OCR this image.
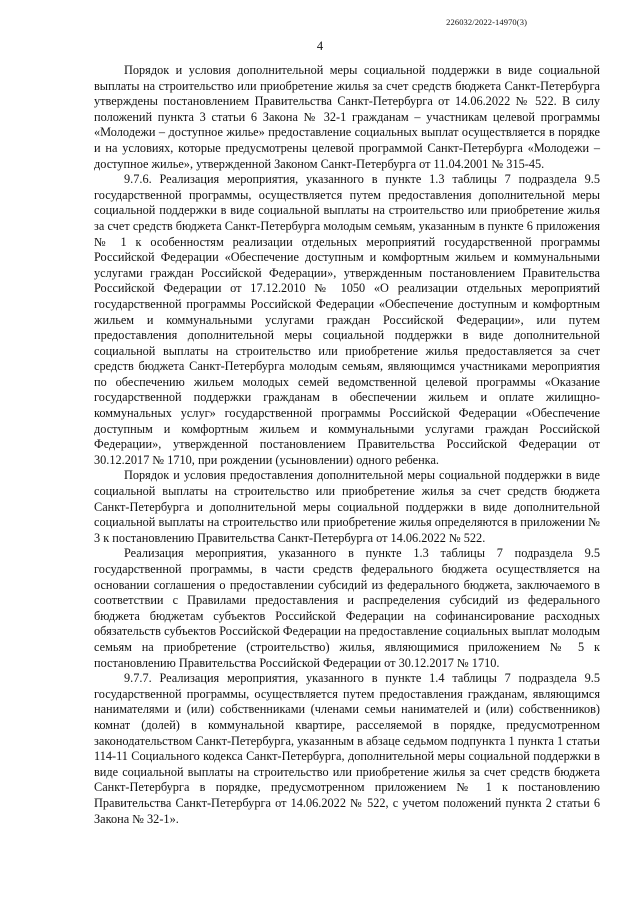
226032/2022-14970(3)
4

Порядок и условия дополнительной меры социальной поддержки в виде социальной выплаты на строительство или приобретение жилья за счет средств бюджета Санкт-Петербурга утверждены постановлением Правительства Санкт-Петербурга от 14.06.2022 № 522. В силу положений пункта 3 статьи 6 Закона № 32-1 гражданам – участникам целевой программы «Молодежи – доступное жилье» предоставление социальных выплат осуществляется в порядке и на условиях, которые предусмотрены целевой программой Санкт-Петербурга «Молодежи – доступное жилье», утвержденной Законом Санкт-Петербурга от 11.04.2001 № 315-45.

9.7.6. Реализация мероприятия, указанного в пункте 1.3 таблицы 7 подраздела 9.5 государственной программы, осуществляется путем предоставления дополнительной меры социальной поддержки в виде социальной выплаты на строительство или приобретение жилья за счет средств бюджета Санкт-Петербурга молодым семьям, указанным в пункте 6 приложения № 1 к особенностям реализации отдельных мероприятий государственной программы Российской Федерации «Обеспечение доступным и комфортным жильем и коммунальными услугами граждан Российской Федерации», утвержденным постановлением Правительства Российской Федерации от 17.12.2010 № 1050 «О реализации отдельных мероприятий государственной программы Российской Федерации «Обеспечение доступным и комфортным жильем и коммунальными услугами граждан Российской Федерации», или путем предоставления дополнительной меры социальной поддержки в виде дополнительной социальной выплаты на строительство или приобретение жилья предоставляется за счет средств бюджета Санкт-Петербурга молодым семьям, являющимся участниками мероприятия по обеспечению жильем молодых семей ведомственной целевой программы «Оказание государственной поддержки гражданам в обеспечении жильем и оплате жилищно-коммунальных услуг» государственной программы Российской Федерации «Обеспечение доступным и комфортным жильем и коммунальными услугами граждан Российской Федерации», утвержденной постановлением Правительства Российской Федерации от 30.12.2017 № 1710, при рождении (усыновлении) одного ребенка.

Порядок и условия предоставления дополнительной меры социальной поддержки в виде социальной выплаты на строительство или приобретение жилья за счет средств бюджета Санкт-Петербурга и дополнительной меры социальной поддержки в виде дополнительной социальной выплаты на строительство или приобретение жилья определяются в приложении № 3 к постановлению Правительства Санкт-Петербурга от 14.06.2022 № 522.

Реализация мероприятия, указанного в пункте 1.3 таблицы 7 подраздела 9.5 государственной программы, в части средств федерального бюджета осуществляется на основании соглашения о предоставлении субсидий из федерального бюджета, заключаемого в соответствии с Правилами предоставления и распределения субсидий из федерального бюджета бюджетам субъектов Российской Федерации на софинансирование расходных обязательств субъектов Российской Федерации на предоставление социальных выплат молодым семьям на приобретение (строительство) жилья, являющимися приложением № 5 к постановлению Правительства Российской Федерации от 30.12.2017 № 1710.

9.7.7. Реализация мероприятия, указанного в пункте 1.4 таблицы 7 подраздела 9.5 государственной программы, осуществляется путем предоставления гражданам, являющимся нанимателями и (или) собственниками (членами семьи нанимателей и (или) собственников) комнат (долей) в коммунальной квартире, расселяемой в порядке, предусмотренном законодательством Санкт-Петербурга, указанным в абзаце седьмом подпункта 1 пункта 1 статьи 114-11 Социального кодекса Санкт-Петербурга, дополнительной меры социальной поддержки в виде социальной выплаты на строительство или приобретение жилья за счет средств бюджета Санкт-Петербурга в порядке, предусмотренном приложением № 1 к постановлению Правительства Санкт-Петербурга от 14.06.2022 № 522, с учетом положений пункта 2 статьи 6 Закона № 32-1».
